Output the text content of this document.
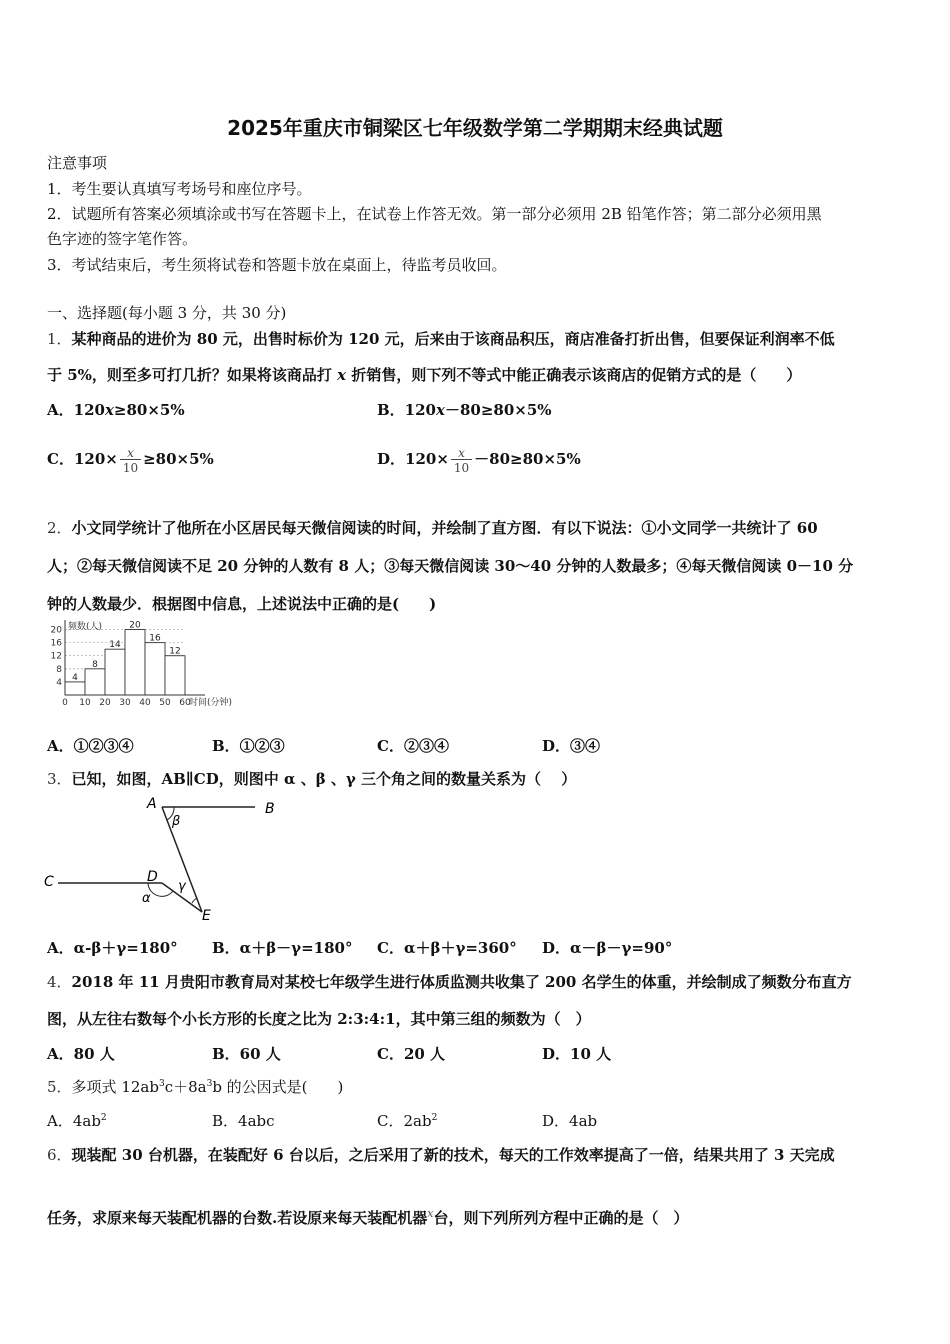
2025年重庆市铜梁区七年级数学第二学期期末经典试题
注意事项
1．考生要认真填写考场号和座位序号。
2．试题所有答案必须填涂或书写在答题卡上，在试卷上作答无效。第一部分必须用 2B 铅笔作答；第二部分必须用黑
色字迹的签字笔作答。
3．考试结束后，考生须将试卷和答题卡放在桌面上，待监考员收回。
一、选择题(每小题 3 分，共 30 分)
1．某种商品的进价为 80 元，出售时标价为 120 元，后来由于该商品积压，商店准备打折出售，但要保证利润率不低
于 5%，则至多可打几折？如果将该商品打 x 折销售，则下列不等式中能正确表示该商店的促销方式的是（　　）
A．120x≥80×5%	B．120x－80≥80×5%
C．$120\times \frac{x}{10} \ge 80\times 5\%$	D．$120\times \frac{x}{10} -80\ge 80\times 5\%$
2．小文同学统计了他所在小区居民每天微信阅读的时间，并绘制了直方图．有以下说法：①小文同学一共统计了 60
人；②每天微信阅读不足 20 分钟的人数有 8 人；③每天微信阅读 30～40 分钟的人数最多；④每天微信阅读 0－10 分
钟的人数最少．根据图中信息，上述说法中正确的是(　　)
4
8
12
16
20
4
8
14
20
16
12
0 10 20 30 40 50 60
频数(人)
时间(分钟)
A．①②③④	B．①②③	C．②③④	D．③④
3．已知，如图，AB∥CD，则图中 α 、β 、γ 三个角之间的数量关系为（　 ）
A	B
C	D
E
β
α
γ
A．α-β＋γ=180° B．α＋β－γ=180° C．α＋β＋γ=360° D．α－β－γ=90°
4．2018 年 11 月贵阳市教育局对某校七年级学生进行体质监测共收集了 200 名学生的体重，并绘制成了频数分布直方
图，从左往右数每个小长方形的长度之比为 2:3:4:1，其中第三组的频数为（　）
A．80 人	B．60 人	C．20 人	D．10 人
5．多项式 $12ab^3c+8a^3b$ 的公因式是(　　)
A．$4ab^2$	B．4abc	C．$2ab^2$	D．4ab
6．现装配 30 台机器，在装配好 6 台以后，之后采用了新的技术，每天的工作效率提高了一倍，结果共用了 3 天完成
任务，求原来每天装配机器的台数.若设原来每天装配机器$^x$台，则下列所列方程中正确的是（　）
